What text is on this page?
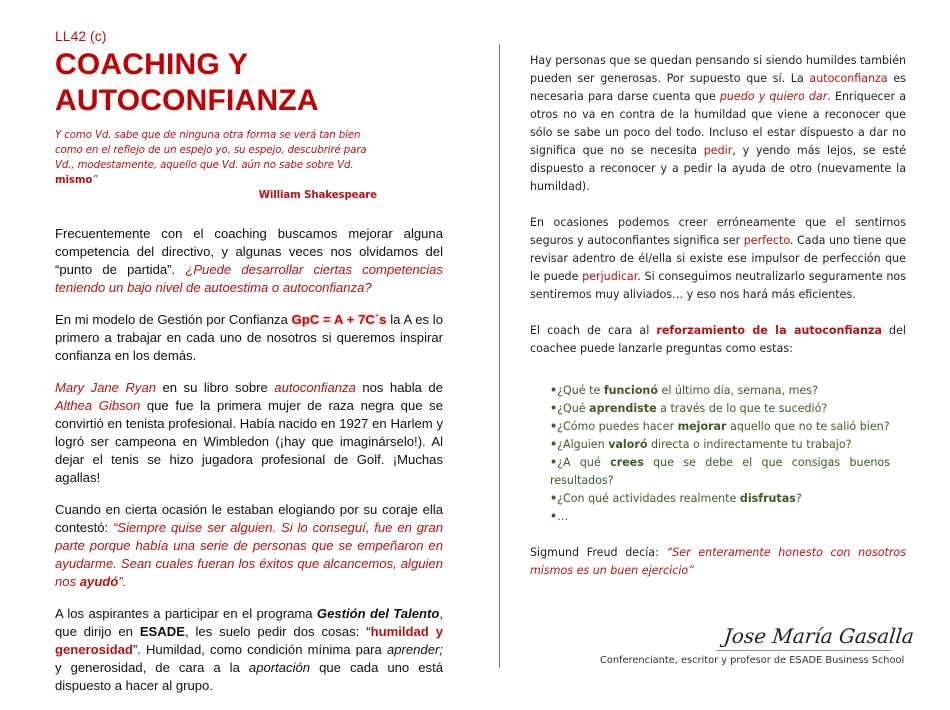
LL42 (c)
COACHING Y
AUTOCONFIANZA
Y como Vd. sabe que de ninguna otra forma se verá tan bien como en el reflejo de un espejo yo, su espejo, descubriré para Vd., modestamente, aquello que Vd. aún no sabe sobre Vd. mismo”
William Shakespeare

Frecuentemente con el coaching buscamos mejorar alguna competencia del directivo, y algunas veces nos olvidamos del “punto de partida”. ¿Puede desarrollar ciertas competencias teniendo un bajo nivel de autoestima o autoconfianza?

En mi modelo de Gestión por Confianza GpC = A + 7C´s la A es lo primero a trabajar en cada uno de nosotros si queremos inspirar confianza en los demás.

Mary Jane Ryan en su libro sobre autoconfianza nos habla de Althea Gibson que fue la primera mujer de raza negra que se convirtió en tenista profesional. Había nacido en 1927 en Harlem y logró ser campeona en Wimbledon (¡hay que imaginárselo!). Al dejar el tenis se hizo jugadora profesional de Golf. ¡Muchas agallas!

Cuando en cierta ocasión le estaban elogiando por su coraje ella contestó: “Siempre quise ser alguien. Si lo conseguí, fue en gran parte porque había una serie de personas que se empeñaron en ayudarme. Sean cuales fueran los éxitos que alcancemos, alguien nos ayudó”.

A los aspirantes a participar en el programa Gestión del Talento, que dirijo en ESADE, les suelo pedir dos cosas: “humildad y generosidad”. Humildad, como condición mínima para aprender; y generosidad, de cara a la aportación que cada uno está dispuesto a hacer al grupo.

Hay personas que se quedan pensando si siendo humildes también pueden ser generosas. Por supuesto que sí. La autoconfianza es necesaria para darse cuenta que puedo y quiero dar. Enriquecer a otros no va en contra de la humildad que viene a reconocer que sólo se sabe un poco del todo. Incluso el estar dispuesto a dar no significa que no se necesita pedir, y yendo más lejos, se esté dispuesto a reconocer y a pedir la ayuda de otro (nuevamente la humildad).

En ocasiones podemos creer erróneamente que el sentirnos seguros y autoconfiantes significa ser perfecto. Cada uno tiene que revisar adentro de él/ella si existe ese impulsor de perfección que le puede perjudicar. Si conseguimos neutralizarlo seguramente nos sentiremos muy aliviados… y eso nos hará más eficientes.

El coach de cara al reforzamiento de la autoconfianza del coachee puede lanzarle preguntas como estas:

•¿Qué te funcionó el último día, semana, mes?
•¿Qué aprendiste a través de lo que te sucedió?
•¿Cómo puedes hacer mejorar aquello que no te salió bien?
•¿Alguien valoró directa o indirectamente tu trabajo?
•¿A qué crees que se debe el que consigas buenos resultados?
•¿Con qué actividades realmente disfrutas?
•…

Sigmund Freud decía: “Ser enteramente honesto con nosotros mismos es un buen ejercicio”

Jose María Gasalla
Conferenciante, escritor y profesor de ESADE Business School
